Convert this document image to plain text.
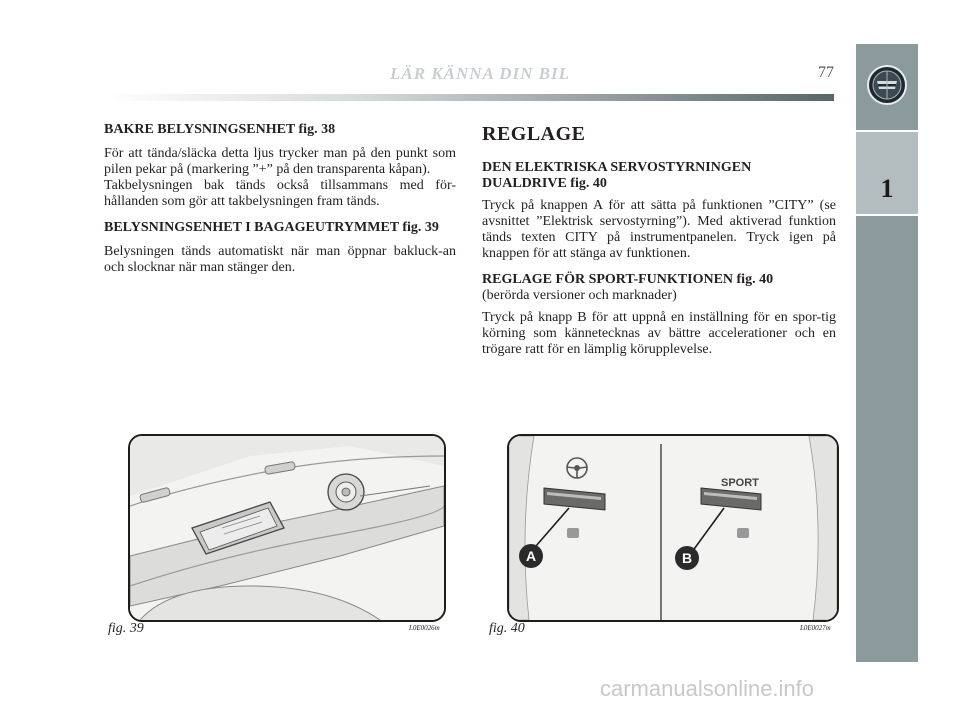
LÄR KÄNNA DIN BIL	77
1

BAKRE BELYSNINGSENHET fig. 38

För att tända/släcka detta ljus trycker man på den punkt som pilen pekar på (markering ”+” på den transparenta kåpan).

Takbelysningen bak tänds också tillsammans med för-hållanden som gör att takbelysningen fram tänds.

BELYSNINGSENHET I BAGAGEUTRYMMET fig. 39

Belysningen tänds automatiskt när man öppnar bakluck-an och slocknar när man stänger den.

REGLAGE

DEN ELEKTRISKA SERVOSTYRNINGEN
DUALDRIVE fig. 40

Tryck på knappen A för att sätta på funktionen ”CITY” (se avsnittet ”Elektrisk servostyrning”). Med aktiverad funktion tänds texten CITY på instrumentpanelen. Tryck igen på knappen för att stänga av funktionen.

REGLAGE FÖR SPORT-FUNKTIONEN fig. 40

(berörda versioner och marknader)

Tryck på knapp B för att uppnå en inställning för en spor-tig körning som kännetecknas av bättre accelerationer och en trögare ratt för en lämplig körupplevelse.

fig. 39	L0E0026m
SPORT
A	B
fig. 40	L0E0027m
carmanualsonline.info
